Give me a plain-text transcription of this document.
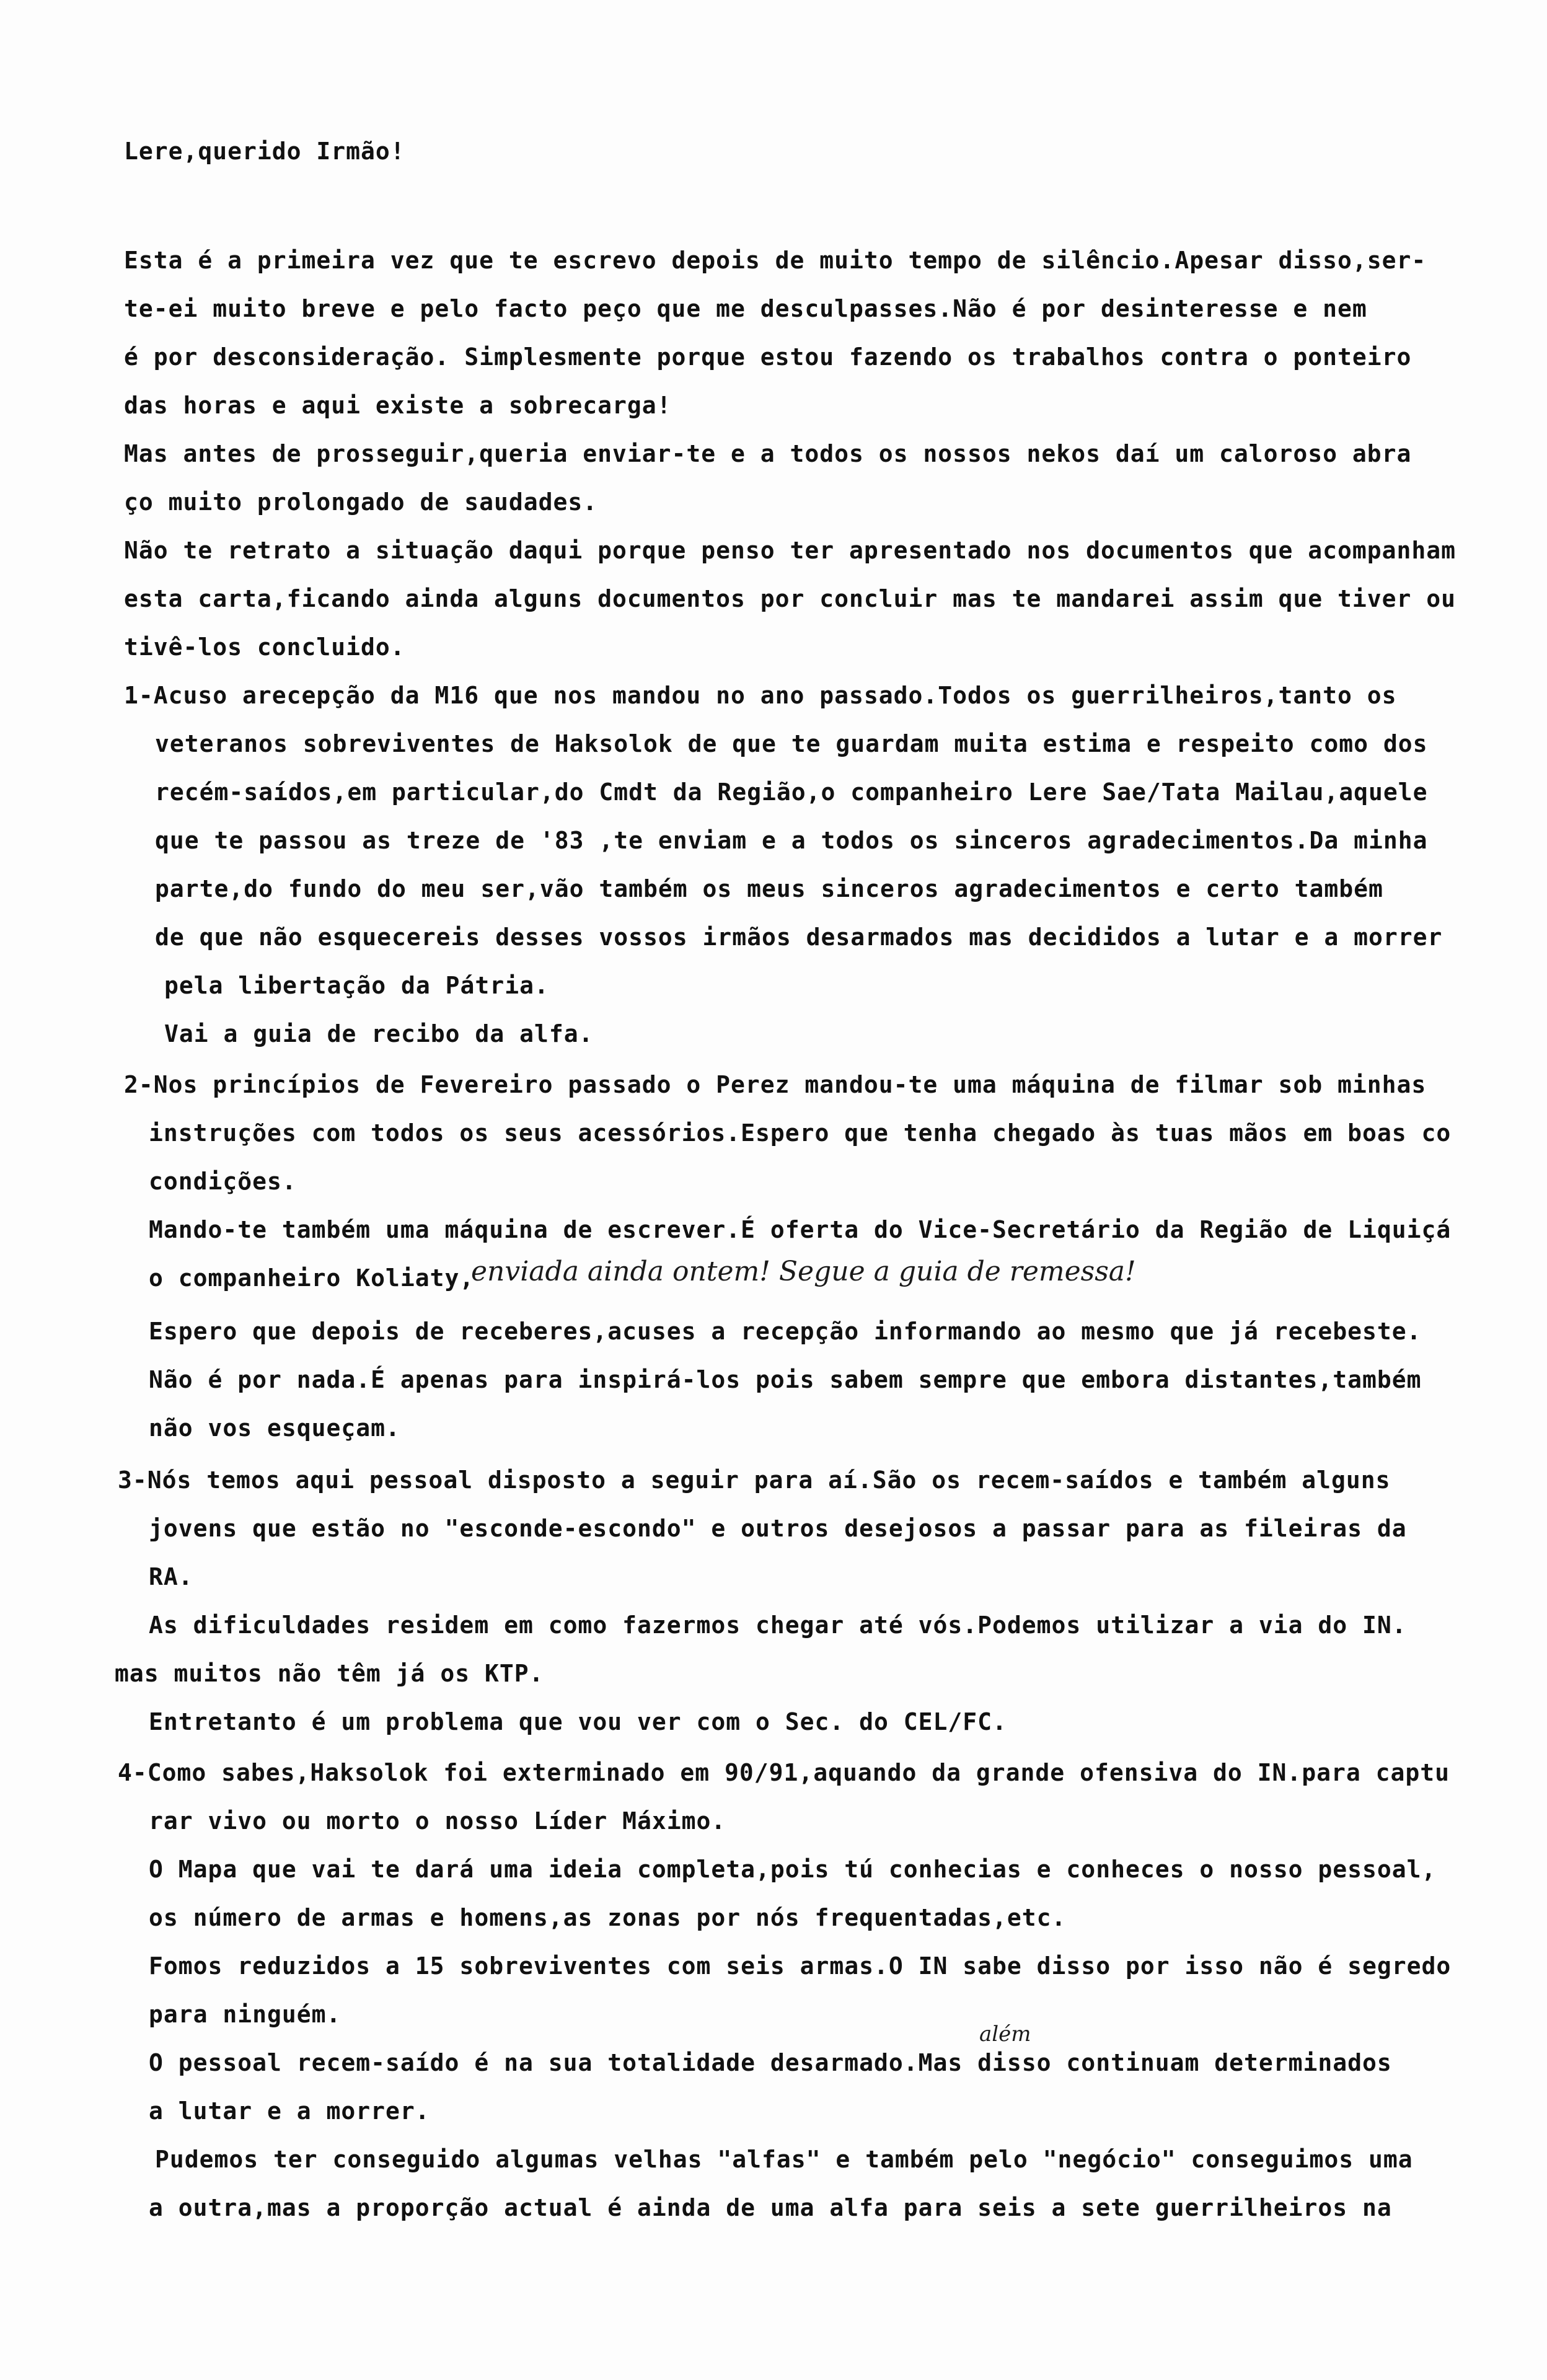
Lere,querido Irmão!
Esta é a primeira vez que te escrevo depois de muito tempo de silêncio.Apesar disso,ser-
te-ei muito breve e pelo facto peço que me desculpasses.Não é por desinteresse e nem
é por desconsideração. Simplesmente porque estou fazendo os trabalhos contra o ponteiro
das horas e aqui existe a sobrecarga!
Mas antes de prosseguir,queria enviar-te e a todos os nossos nekos daí um caloroso abra
ço muito prolongado de saudades.
Não te retrato a situação daqui porque penso ter apresentado nos documentos que acompanham
esta carta,ficando ainda alguns documentos por concluir mas te mandarei assim que tiver ou
tivê-los concluido.
1-Acuso arecepção da M16 que nos mandou no ano passado.Todos os guerrilheiros,tanto os
veteranos sobreviventes de Haksolok de que te guardam muita estima e respeito como dos
recém-saídos,em particular,do Cmdt da Região,o companheiro Lere Sae/Tata Mailau,aquele
que te passou as treze de '83 ,te enviam e a todos os sinceros agradecimentos.Da minha
parte,do fundo do meu ser,vão também os meus sinceros agradecimentos e certo também
de que não esquecereis desses vossos irmãos desarmados mas decididos a lutar e a morrer
pela libertação da Pátria.
Vai a guia de recibo da alfa.
2-Nos princípios de Fevereiro passado o Perez mandou-te uma máquina de filmar sob minhas
instruções com todos os seus acessórios.Espero que tenha chegado às tuas mãos em boas co
condições.
Mando-te também uma máquina de escrever.É oferta do Vice-Secretário da Região de Liquiçá
o companheiro Koliaty,
enviada ainda ontem! Segue a guia de remessa!
Espero que depois de receberes,acuses a recepção informando ao mesmo que já recebeste.
Não é por nada.É apenas para inspirá-los pois sabem sempre que embora distantes,também
não vos esqueçam.
3-Nós temos aqui pessoal disposto a seguir para aí.São os recem-saídos e também alguns
jovens que estão no "esconde-escondo" e outros desejosos a passar para as fileiras da
RA.
As dificuldades residem em como fazermos chegar até vós.Podemos utilizar a via do IN.
mas muitos não têm já os KTP.
Entretanto é um problema que vou ver com o Sec. do CEL/FC.
4-Como sabes,Haksolok foi exterminado em 90/91,aquando da grande ofensiva do IN.para captu
rar vivo ou morto o nosso Líder Máximo.
O Mapa que vai te dará uma ideia completa,pois tú conhecias e conheces o nosso pessoal,
os número de armas e homens,as zonas por nós frequentadas,etc.
Fomos reduzidos a 15 sobreviventes com seis armas.O IN sabe disso por isso não é segredo
para ninguém.
além
O pessoal recem-saído é na sua totalidade desarmado.Mas disso continuam determinados
a lutar e a morrer.
Pudemos ter conseguido algumas velhas "alfas" e também pelo "negócio" conseguimos uma
a outra,mas a proporção actual é ainda de uma alfa para seis a sete guerrilheiros na
